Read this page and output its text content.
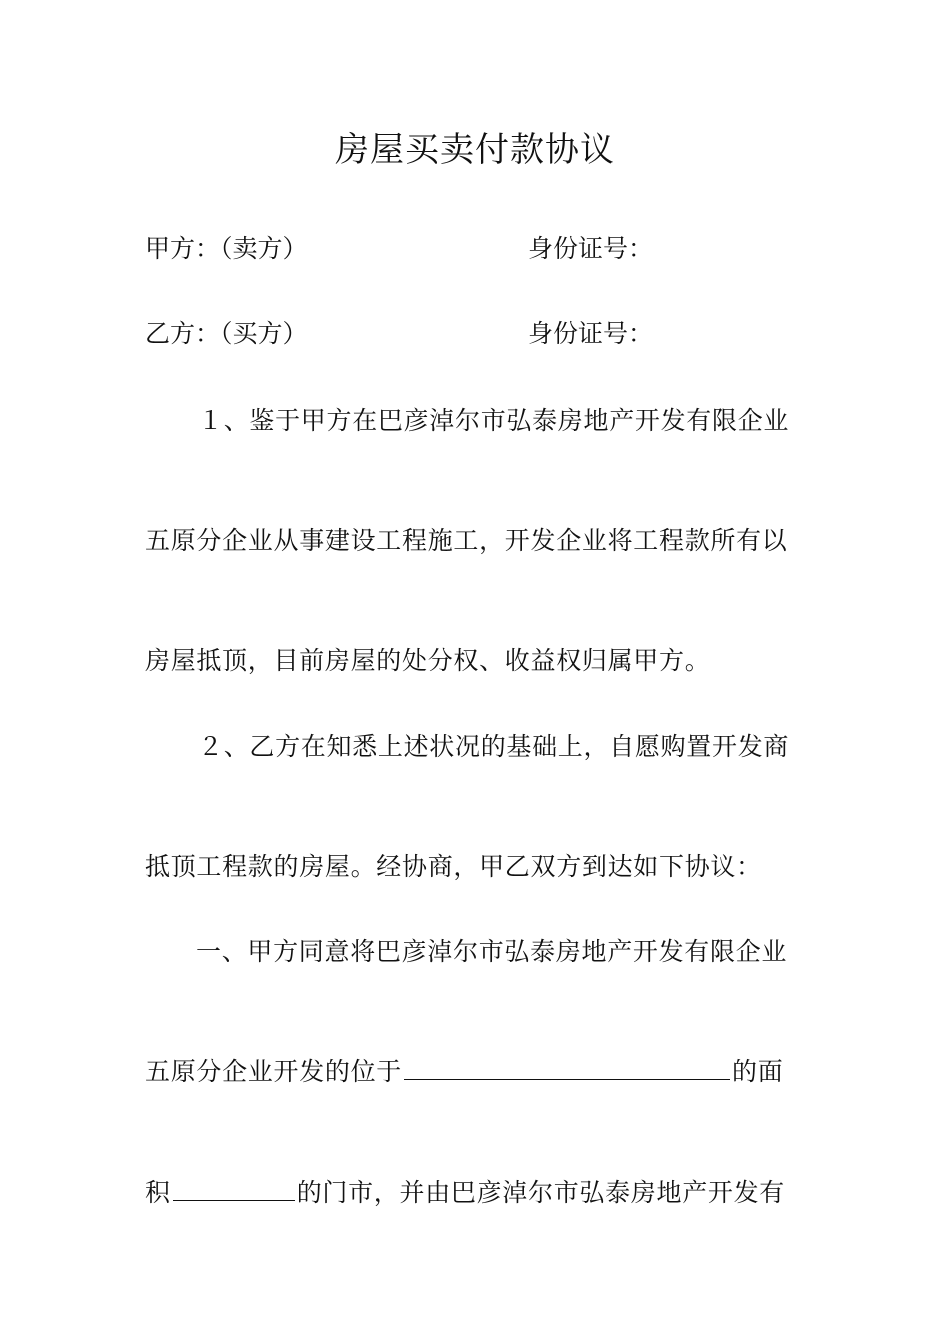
房屋买卖付款协议
甲方：（卖方）	身份证号：
乙方：（买方）	身份证号：
１、鉴于甲方在巴彦淖尔市弘泰房地产开发有限企业
五原分企业从事建设工程施工，开发企业将工程款所有以
房屋抵顶，目前房屋的处分权、收益权归属甲方。
２、乙方在知悉上述状况的基础上，自愿购置开发商
抵顶工程款的房屋。经协商，甲乙双方到达如下协议：
一、甲方同意将巴彦淖尔市弘泰房地产开发有限企业
五原分企业开发的位于	的面
积	的门市，并由巴彦淖尔市弘泰房地产开发有
